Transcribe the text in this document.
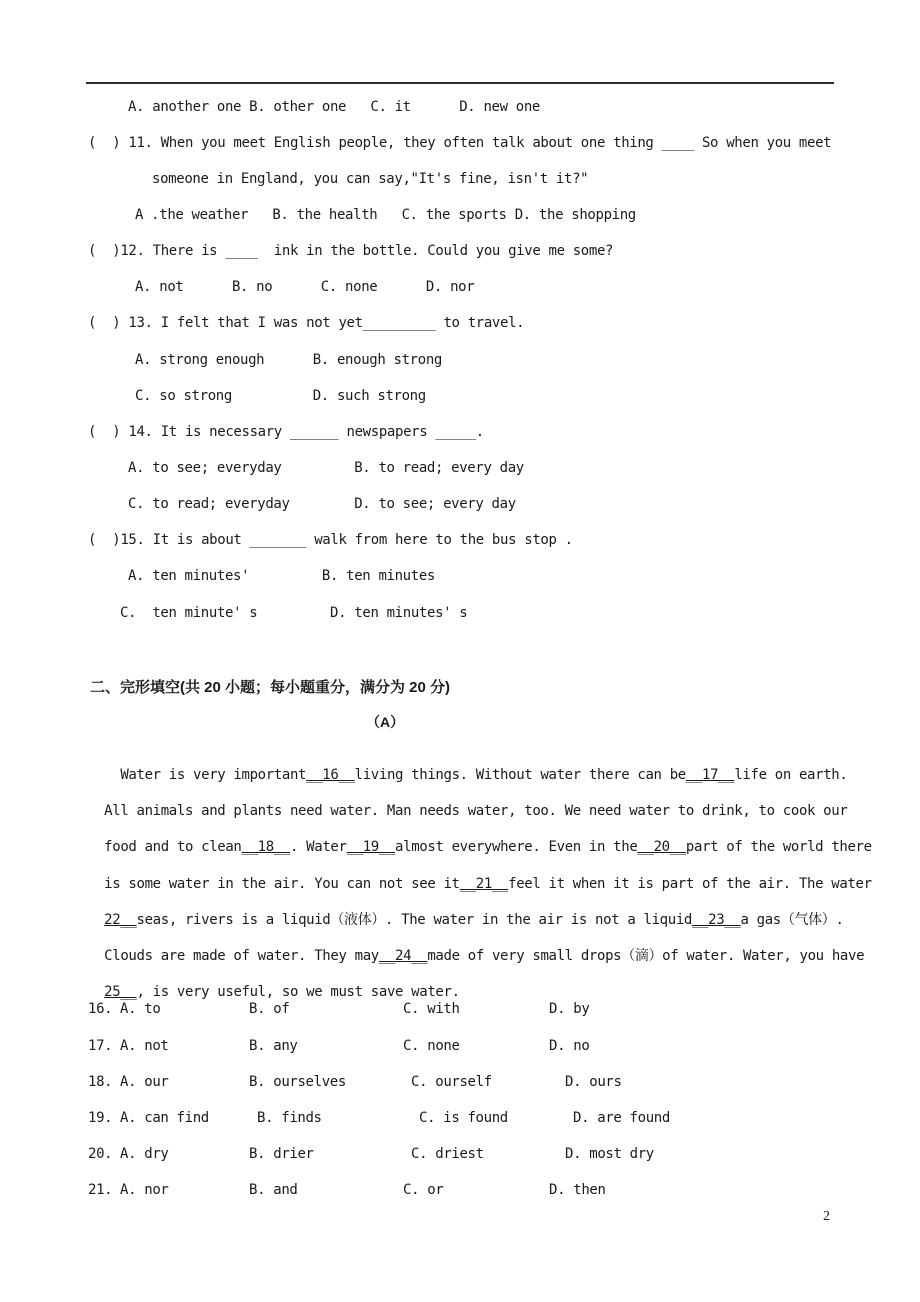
A. another one B. other one   C. it      D. new one
(  ) 11. When you meet English people, they often talk about one thing ____ So when you meet
someone in England, you can say,"It's fine, isn't it?"
A .the weather   B. the health   C. the sports D. the shopping
(  )12. There is ____  ink in the bottle. Could you give me some?
A. not      B. no      C. none      D. nor
(  ) 13. I felt that I was not yet_________ to travel.
A. strong enough      B. enough strong
C. so strong          D. such strong
(  ) 14. It is necessary ______ newspapers _____.
A. to see; everyday         B. to read; every day
C. to read; everyday        D. to see; every day
(  )15. It is about _______ walk from here to the bus stop .
A. ten minutes'         B. ten minutes
C.  ten minute' s         D. ten minutes' s
二、完形填空(共 20 小题；每小题重分，满分为 20 分)
（A）

Water is very important__16__living things. Without water there can be__17__life on earth.

All animals and plants need water. Man needs water, too. We need water to drink, to cook our

food and to clean__18__. Water__19__almost everywhere. Even in the__20__part of the world there

is some water in the air. You can not see it__21__feel it when it is part of the air. The water

22__seas, rivers is a liquid（液体）. The water in the air is not a liquid__23__a gas（气体）.

Clouds are made of water. They may__24__made of very small drops（滴）of water. Water, you have

25__, is very useful, so we must save water.

16. A. to	B. of	C. with	D. by
17. A. not	B. any	C. none	D. no
18. A. our	B. ourselves	C. ourself	D. ours
19. A. can find	B. finds	C. is found	D. are found
20. A. dry	B. drier	C. driest	D. most dry
21. A. nor	B. and	C. or	D. then
2
